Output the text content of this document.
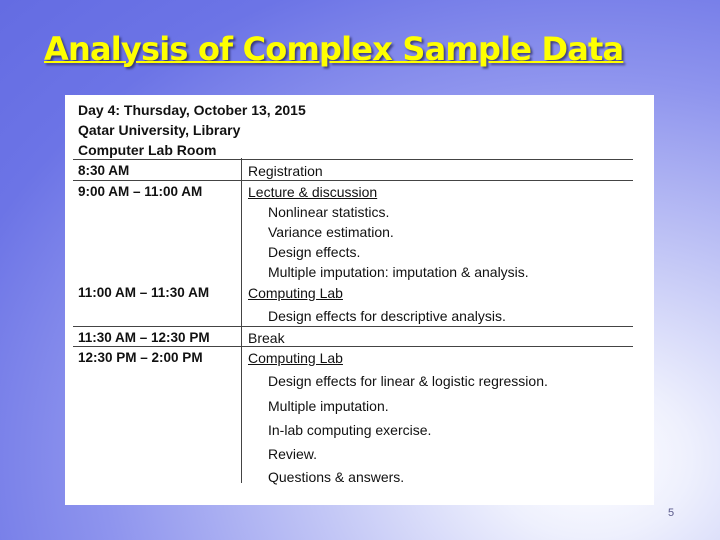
Analysis of Complex Sample Data
Day 4: Thursday, October 13, 2015
Qatar University, Library
Computer Lab Room
8:30 AM	Registration
9:00 AM – 11:00 AM	Lecture & discussion
Nonlinear statistics.
Variance estimation.
Design effects.
Multiple imputation: imputation & analysis.
11:00 AM – 11:30 AM	Computing Lab
Design effects for descriptive analysis.
11:30 AM – 12:30 PM	Break
12:30 PM – 2:00 PM	Computing Lab
Design effects for linear & logistic regression.
Multiple imputation.
In-lab computing exercise.
Review.
Questions & answers.
5
